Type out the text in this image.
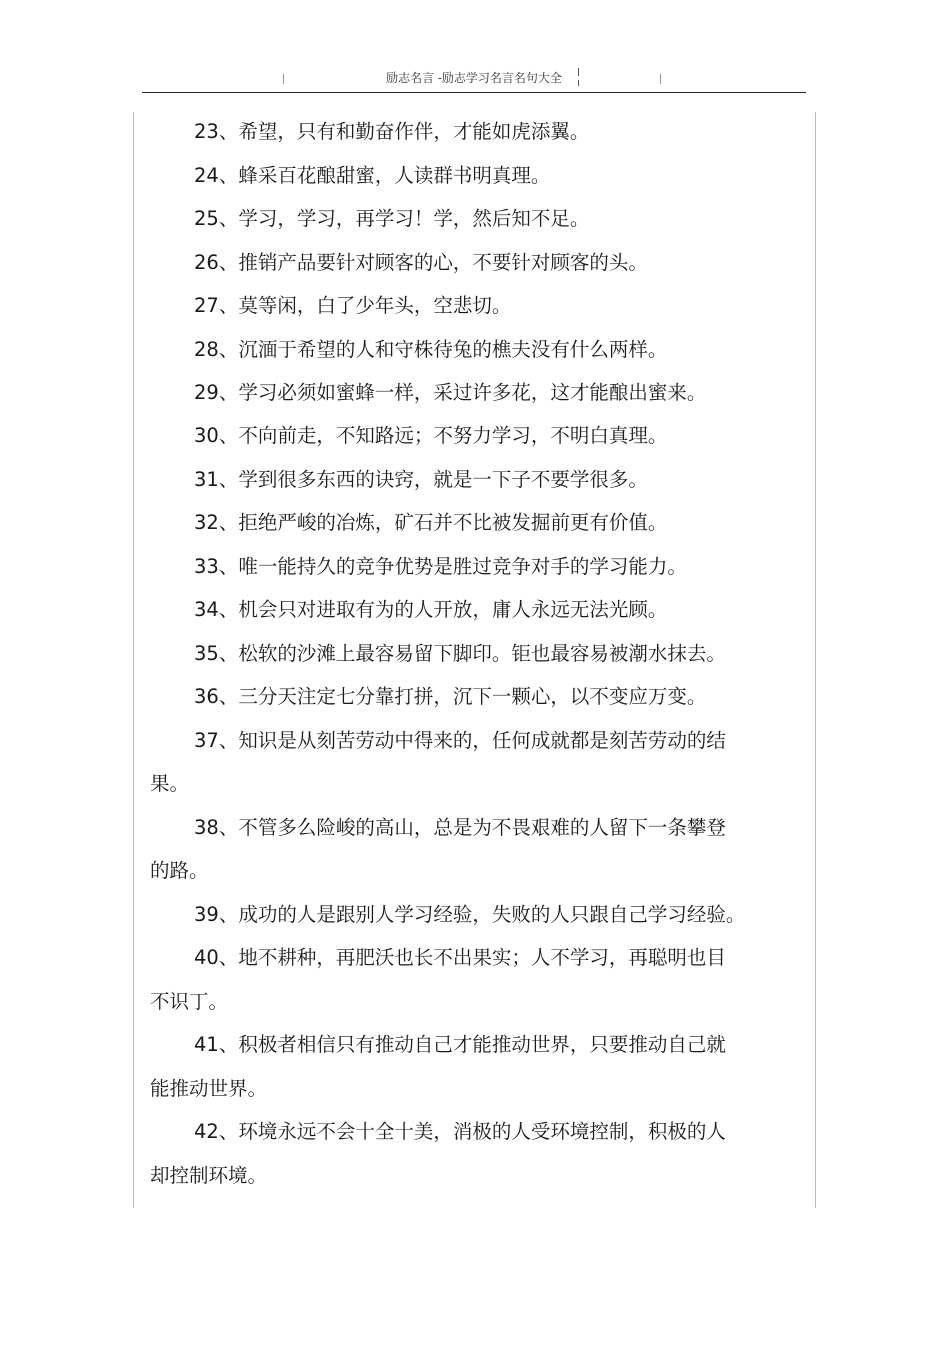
励志名言 -励志学习名言名句大全
23、希望，只有和勤奋作伴，才能如虎添翼。
24、蜂采百花酿甜蜜，人读群书明真理。
25、学习，学习，再学习！学，然后知不足。
26、推销产品要针对顾客的心，不要针对顾客的头。
27、莫等闲，白了少年头，空悲切。
28、沉湎于希望的人和守株待兔的樵夫没有什么两样。
29、学习必须如蜜蜂一样，采过许多花，这才能酿出蜜来。
30、不向前走，不知路远；不努力学习，不明白真理。
31、学到很多东西的诀窍，就是一下子不要学很多。
32、拒绝严峻的冶炼，矿石并不比被发掘前更有价值。
33、唯一能持久的竞争优势是胜过竞争对手的学习能力。
34、机会只对进取有为的人开放，庸人永远无法光顾。
35、松软的沙滩上最容易留下脚印。钜也最容易被潮水抹去。
36、三分天注定七分靠打拼，沉下一颗心，以不变应万变。
37、知识是从刻苦劳动中得来的，任何成就都是刻苦劳动的结
果。
38、不管多么险峻的高山，总是为不畏艰难的人留下一条攀登
的路。
39、成功的人是跟别人学习经验，失败的人只跟自己学习经验。
40、地不耕种，再肥沃也长不出果实；人不学习，再聪明也目
不识丁。
41、积极者相信只有推动自己才能推动世界，只要推动自己就
能推动世界。
42、环境永远不会十全十美，消极的人受环境控制，积极的人
却控制环境。
